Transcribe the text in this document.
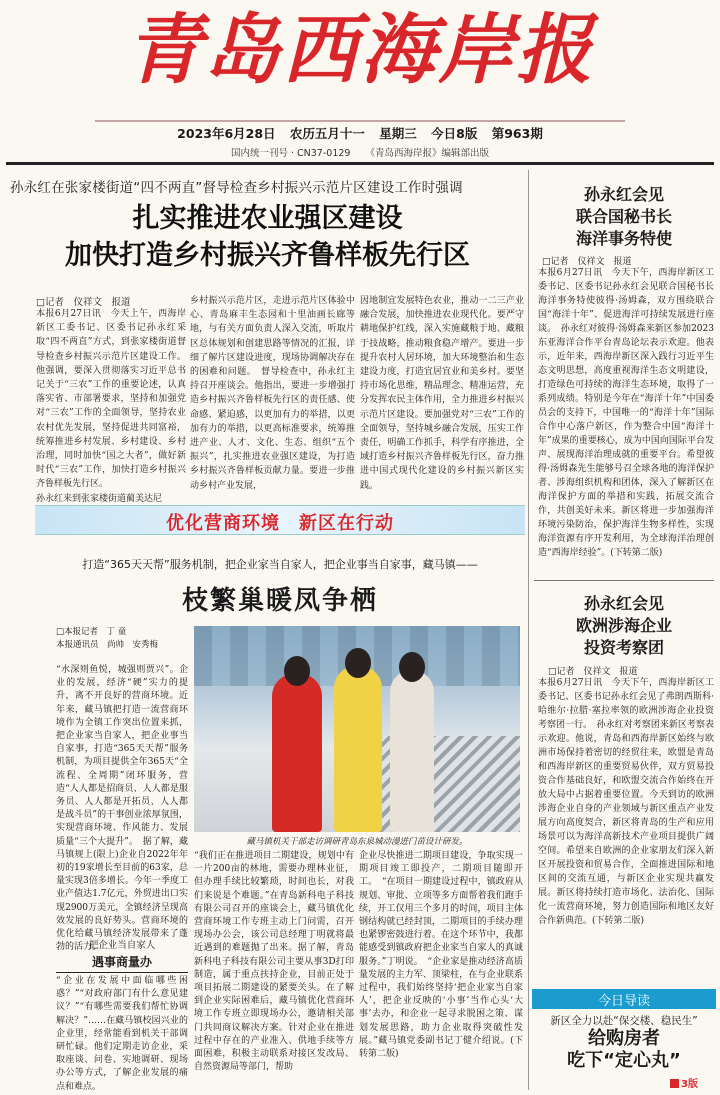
青岛西海岸报
2023年6月28日 农历五月十一 星期三 今日8版 第963期
国内统一刊号 · CN37-0129 《青岛西海岸报》编辑部出版
孙永红在张家楼街道“四不两直”督导检查乡村振兴示范片区建设工作时强调
扎实推进农业强区建设
加快打造乡村振兴齐鲁样板先行区
□记者　仪祥文　报道

本报6月27日讯　今天上午，西海岸新区工委书记、区委书记孙永红采取“四不两直”方式，到张家楼街道督导检查乡村振兴示范片区建设工作。他强调，要深入贯彻落实习近平总书记关于“三农”工作的重要论述，认真落实省、市部署要求，坚持和加强党对“三农”工作的全面领导，坚持农业农村优先发展，坚持促进共同富裕，统筹推进乡村发展、乡村建设、乡村治理，同时加快“国之大者”，做好新时代“三农”工作，加快打造乡村振兴齐鲁样板先行区。

孙永红来到张家楼街道蔺美达尼

乡村振兴示范片区，走进示范片区体验中心、青岛麻丰生态园和十里油画长廊等地，与有关方面负责人深入交流，听取片区总体规划和创建思路等情况的汇报，详细了解片区建设进度，现场协调解决存在的困难和问题。　督导检查中，孙永红主持召开座谈会。他指出，要进一步增强打造乡村振兴齐鲁样板先行区的责任感、使命感、紧迫感，以更加有力的举措，以更加有力的举措，以更高标准要求，统筹推进产业、人才、文化、生态、组织“五个振兴”，扎实推进农业强区建设，为打造乡村振兴齐鲁样板贡献力量。要进一步推动乡村产业发展，
因地制宜发展特色农业，推动一二三产业融合发展，加快推进农业现代化。要严守耕地保护红线，深入实施藏粮于地、藏粮于技战略，推动粮食稳产增产。要进一步提升农村人居环境，加大环境整治和生态建设力度，打造宜居宜业和美乡村。要坚持市场化思维，精品理念、精准运营，充分发挥农民主体作用，全力推进乡村振兴示范片区建设。要加强党对“三农”工作的全面领导，坚持城乡融合发展，压实工作责任，明确工作抓手，科学有序推进，全域打造乡村振兴齐鲁样板先行区，奋力推进中国式现代化建设的乡村振兴新区实践。
优化营商环境　新区在行动
打造“365天天帮”服务机制，把企业家当自家人，把企业事当自家事，藏马镇——
枝繁巢暖凤争栖
□本报记者　丁 童
本报通讯员　尚帅　安秀梅
“水深则鱼悦，城强则贾兴”。企业的发展，经济“硬”实力的提升，离不开良好的营商环境。近年来，藏马镇把打造一流营商环境作为全镇工作突出位置来抓，把企业家当自家人，把企业事当自家事，打造“365天天帮”服务机制，为项目提供全年365天“全流程、全周期”闭环服务，营造“人人都是招商员、人人都是服务员、人人都是开拓员、人人都是战斗员”的干事创业浓厚氛围，实现营商环境、作风能力、发展质量“三个大提升”。　据了解，藏马镇规上(限上)企业自2022年年初的19家增长至目前的63家，总量实现3倍多增长。今年一季度工业产值达1.7亿元，外贸进出口实现2900万美元，全镇经济呈现高效发展的良好势头。营商环境的优化给藏马镇经济发展带来了蓬勃的活力。
把企业当自家人
遇事商量办
“企业在发展中面临哪些困惑？”“对政府部门有什么意见建议？”“有哪些需要我们帮忙协调解决？”……在藏马镇校园兴业的企业里，经常能看到机关干部调研忙碌。他们定期走访企业，采取座谈、问卷、实地调研、现场办公等方式，了解企业发展的痛点和难点。
藏马镇机关干部走访调研青岛东泉城动漫进门苗设计研发。
“我们正在推进项目二期建设，规划中有一片200亩的林地，需要办理林业征，但办理手续比较繁琐，时间也长，对我们来说是个难题。”在青岛新科电子科技有限公司召开的座谈会上，藏马镇优化营商环境工作专班主动上门问需，召开现场办公会，该公司总经理丁明就将最近遇到的难题抛了出来。据了解，青岛新科电子科技有限公司主要从事3D打印制造，属于重点扶持企业，目前正处于项目拓展二期建设的紧要关头。在了解到企业实际困难后，藏马镇优化营商环境工作专班立即现场办公，邀请相关部门共同商议解决方案。针对企业在推进过程中存在的产业准入、供地手续等方面困难，积极主动联系对接区发改局、自然资源局等部门，帮助
企业尽快推进二期项目建设，争取实现一期项目竣工即投产，二期项目随即开工。　“在项目一期建设过程中，镇政府从规划、审批、立项等多方面帮着我们跑手续，开工仅用三个多月的时间，项目主体钢结构就已经封顶，二期项目的手续办理也紧锣密鼓进行着。在这个环节中，我都能感受到镇政府把企业家当自家人的真诚服务。”丁明说。　“企业家是推动经济高质量发展的主力军、顶梁柱，在与企业联系过程中，我们始终坚持‘把企业家当自家人’，把企业反映的‘小事’当作心头‘大事’去办，和企业一起寻求脱困之策、谋划发展思路，助力企业取得突破性发展。”藏马镇党委副书记丁健介绍说。(下转第二版)
孙永红会见
联合国秘书长
海洋事务特使
□记者　仪祥文　报道
本报6月27日讯　今天下午，西海岸新区工委书记、区委书记孙永红会见联合国秘书长海洋事务特使彼得·汤姆森，双方围绕联合国“海洋十年”、促进海洋可持续发展进行座谈。　孙永红对彼得·汤姆森来新区参加2023东亚海洋合作平台青岛论坛表示欢迎。他表示，近年来，西海岸新区深入践行习近平生态文明思想，高度重视海洋生态文明建设，打造绿色可持续的海洋生态环境，取得了一系列成绩。特别是今年在“海洋十年”中国委员会的支持下，中国唯一的“海洋十年”国际合作中心落户新区，作为整合中国“海洋十年”成果的重要核心，成为中国向国际平台发声、展现海洋治理成就的重要平台。希望彼得·汤姆森先生能够号召全球各地的海洋保护者、涉海组织机构和团体，深入了解新区在海洋保护方面的举措和实践，拓展交流合作，共创美好未来。新区将进一步加强海洋环境污染防治，保护海洋生物多样性，实现海洋资源有序开发利用，为全球海洋治理创造“西海岸经验”。(下转第二版)
孙永红会见
欧洲涉海企业
投资考察团
□记者　仪祥文　报道
本报6月27日讯　今天下午，西海岸新区工委书记、区委书记孙永红会见了弗朗西斯科·哈维尔·拉腊·塞拉率领的欧洲涉海企业投资考察团一行。　孙永红对考察团来新区考察表示欢迎。他说，青岛和西海岸新区始终与欧洲市场保持着密切的经贸往来，欧盟是青岛和西海岸新区的重要贸易伙伴，双方贸易投资合作基础良好，和欧盟交流合作始终在开放大局中占据着重要位置。今天到访的欧洲涉海企业自身的产业领域与新区重点产业发展方向高度契合，新区将青岛的生产和应用场景可以为海洋高新技术产业项目提供广阔空间。希望来自欧洲的企业家朋友们深入新区开展投资和贸易合作，全面推进国际和地区间的交流互通，与新区企业实现共赢发展。新区将持续打造市场化、法治化、国际化一流营商环境，努力创造国际和地区友好合作新典范。(下转第二版)
今日导读
新区全力以赴“保交楼、稳民生”
给购房者
吃下“定心丸”
3版
